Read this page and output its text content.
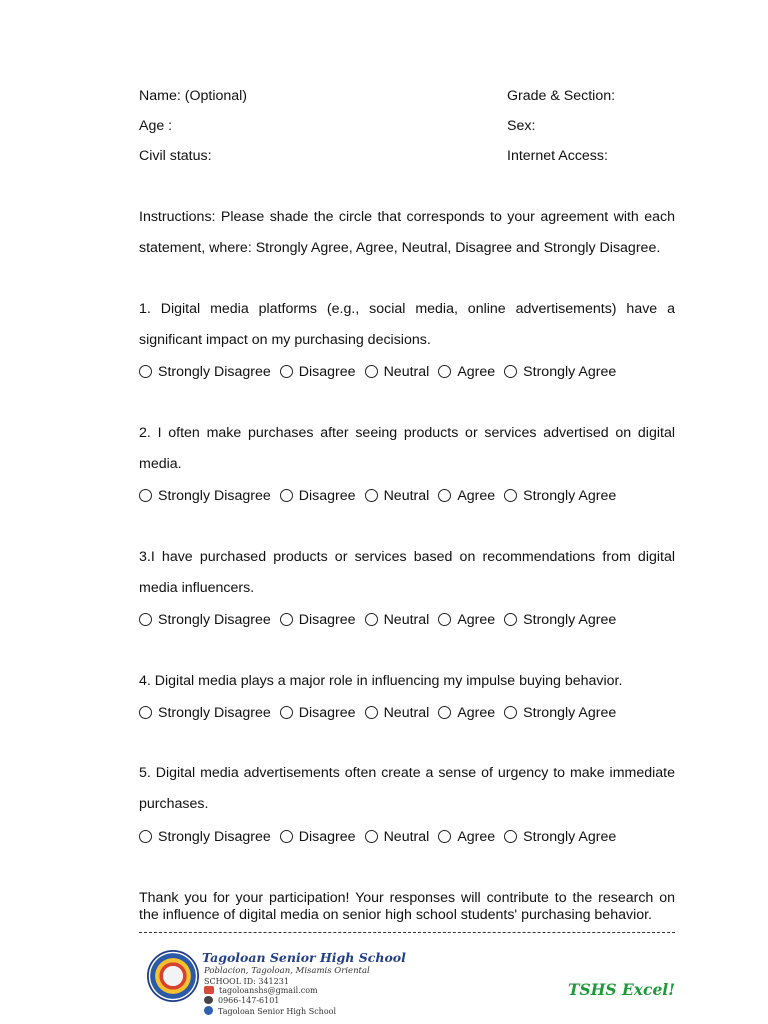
Name: (Optional)	Grade & Section:
Age :	Sex:
Civil status:	Internet Access:
Instructions: Please shade the circle that corresponds to your agreement with each statement, where: Strongly Agree, Agree, Neutral, Disagree and Strongly Disagree.
1. Digital media platforms (e.g., social media, online advertisements) have a significant impact on my purchasing decisions.
Strongly Disagree Disagree Neutral Agree Strongly Agree
2. I often make purchases after seeing products or services advertised on digital media.
Strongly Disagree Disagree Neutral Agree Strongly Agree
3.I have purchased products or services based on recommendations from digital media influencers.
Strongly Disagree Disagree Neutral Agree Strongly Agree
4. Digital media plays a major role in influencing my impulse buying behavior.
Strongly Disagree Disagree Neutral Agree Strongly Agree
5. Digital media advertisements often create a sense of urgency to make immediate purchases.
Strongly Disagree Disagree Neutral Agree Strongly Agree
Thank you for your participation! Your responses will contribute to the research on the influence of digital media on senior high school students' purchasing behavior.
Tagoloan Senior High School
Poblacion, Tagoloan, Misamis Oriental
SCHOOL ID: 341231
tagoloanshs@gmail.com
0966-147-6101
Tagoloan Senior High School
TSHS Excel!
